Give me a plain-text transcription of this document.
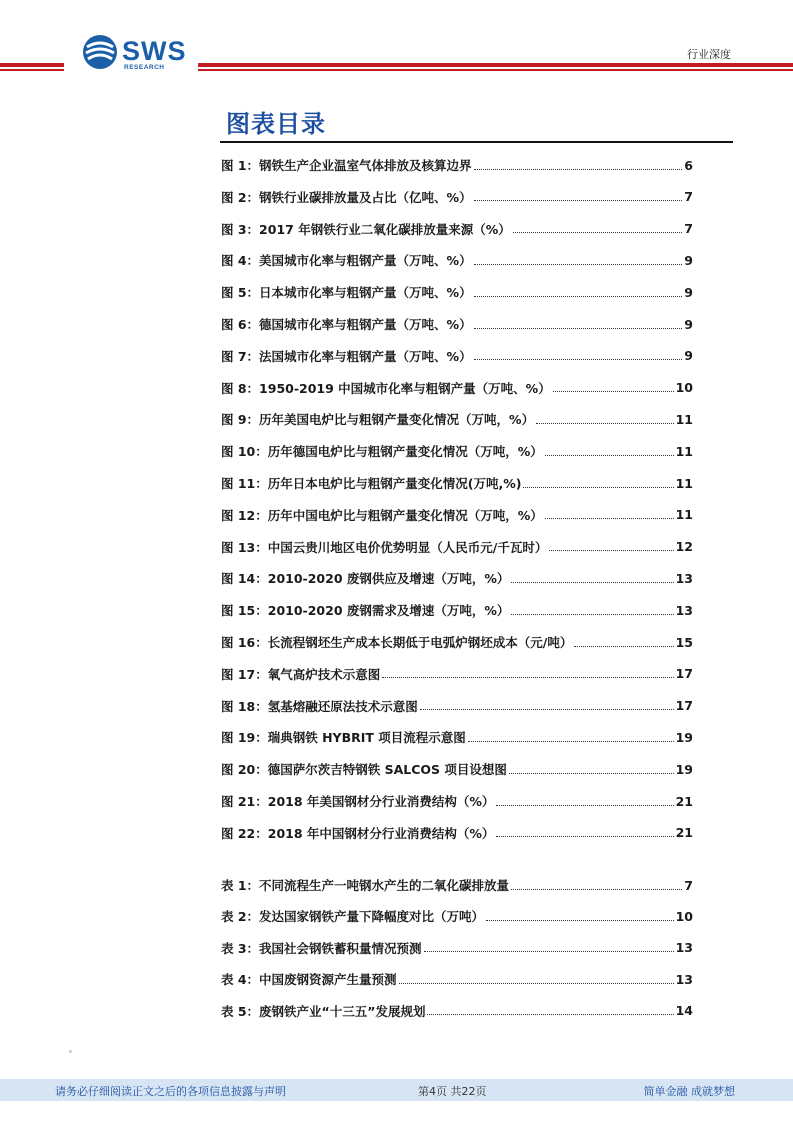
SWS
RESEARCH
行业深度
图表目录
图 1：钢铁生产企业温室气体排放及核算边界	6
图 2：钢铁行业碳排放量及占比（亿吨、%）	7
图 3：2017 年钢铁行业二氧化碳排放量来源（%）	7
图 4：美国城市化率与粗钢产量（万吨、%）	9
图 5：日本城市化率与粗钢产量（万吨、%）	9
图 6：德国城市化率与粗钢产量（万吨、%）	9
图 7：法国城市化率与粗钢产量（万吨、%）	9
图 8：1950-2019 中国城市化率与粗钢产量（万吨、%）	10
图 9：历年美国电炉比与粗钢产量变化情况（万吨，%）	11
图 10：历年德国电炉比与粗钢产量变化情况（万吨，%）	11
图 11：历年日本电炉比与粗钢产量变化情况(万吨,%)	11
图 12：历年中国电炉比与粗钢产量变化情况（万吨，%）	11
图 13：中国云贵川地区电价优势明显（人民币元/千瓦时）	12
图 14：2010-2020 废钢供应及增速（万吨，%）	13
图 15：2010-2020 废钢需求及增速（万吨，%）	13
图 16：长流程钢坯生产成本长期低于电弧炉钢坯成本（元/吨）	15
图 17：氧气高炉技术示意图	17
图 18：氢基熔融还原法技术示意图	17
图 19：瑞典钢铁 HYBRIT 项目流程示意图	19
图 20：德国萨尔茨吉特钢铁 SALCOS 项目设想图	19
图 21：2018 年美国钢材分行业消费结构（%）	21
图 22：2018 年中国钢材分行业消费结构（%）	21
表 1：不同流程生产一吨钢水产生的二氧化碳排放量	7
表 2：发达国家钢铁产量下降幅度对比（万吨）	10
表 3：我国社会钢铁蓄积量情况预测	13
表 4：中国废钢资源产生量预测	13
表 5：废钢铁产业“十三五”发展规划	14
请务必仔细阅读正文之后的各项信息披露与声明	第4页 共22页	简单金融 成就梦想
